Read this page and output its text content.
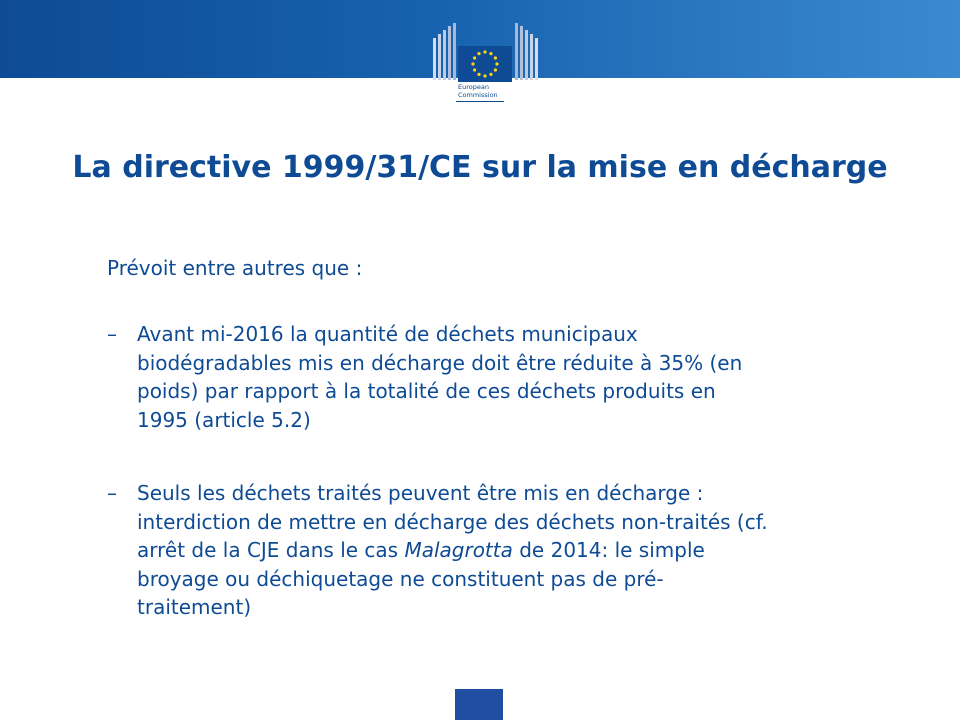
European
Commission
La directive 1999/31/CE sur la mise en décharge

Prévoit entre autres que :

–	Avant mi-2016 la quantité de déchets municipaux
biodégradables mis en décharge doit être réduite à 35% (en
poids) par rapport à la totalité de ces déchets produits en
1995 (article 5.2)
–	Seuls les déchets traités peuvent être mis en décharge :
interdiction de mettre en décharge des déchets non-traités (cf.
arrêt de la CJE dans le cas Malagrotta de 2014: le simple
broyage ou déchiquetage ne constituent pas de pré-
traitement)
